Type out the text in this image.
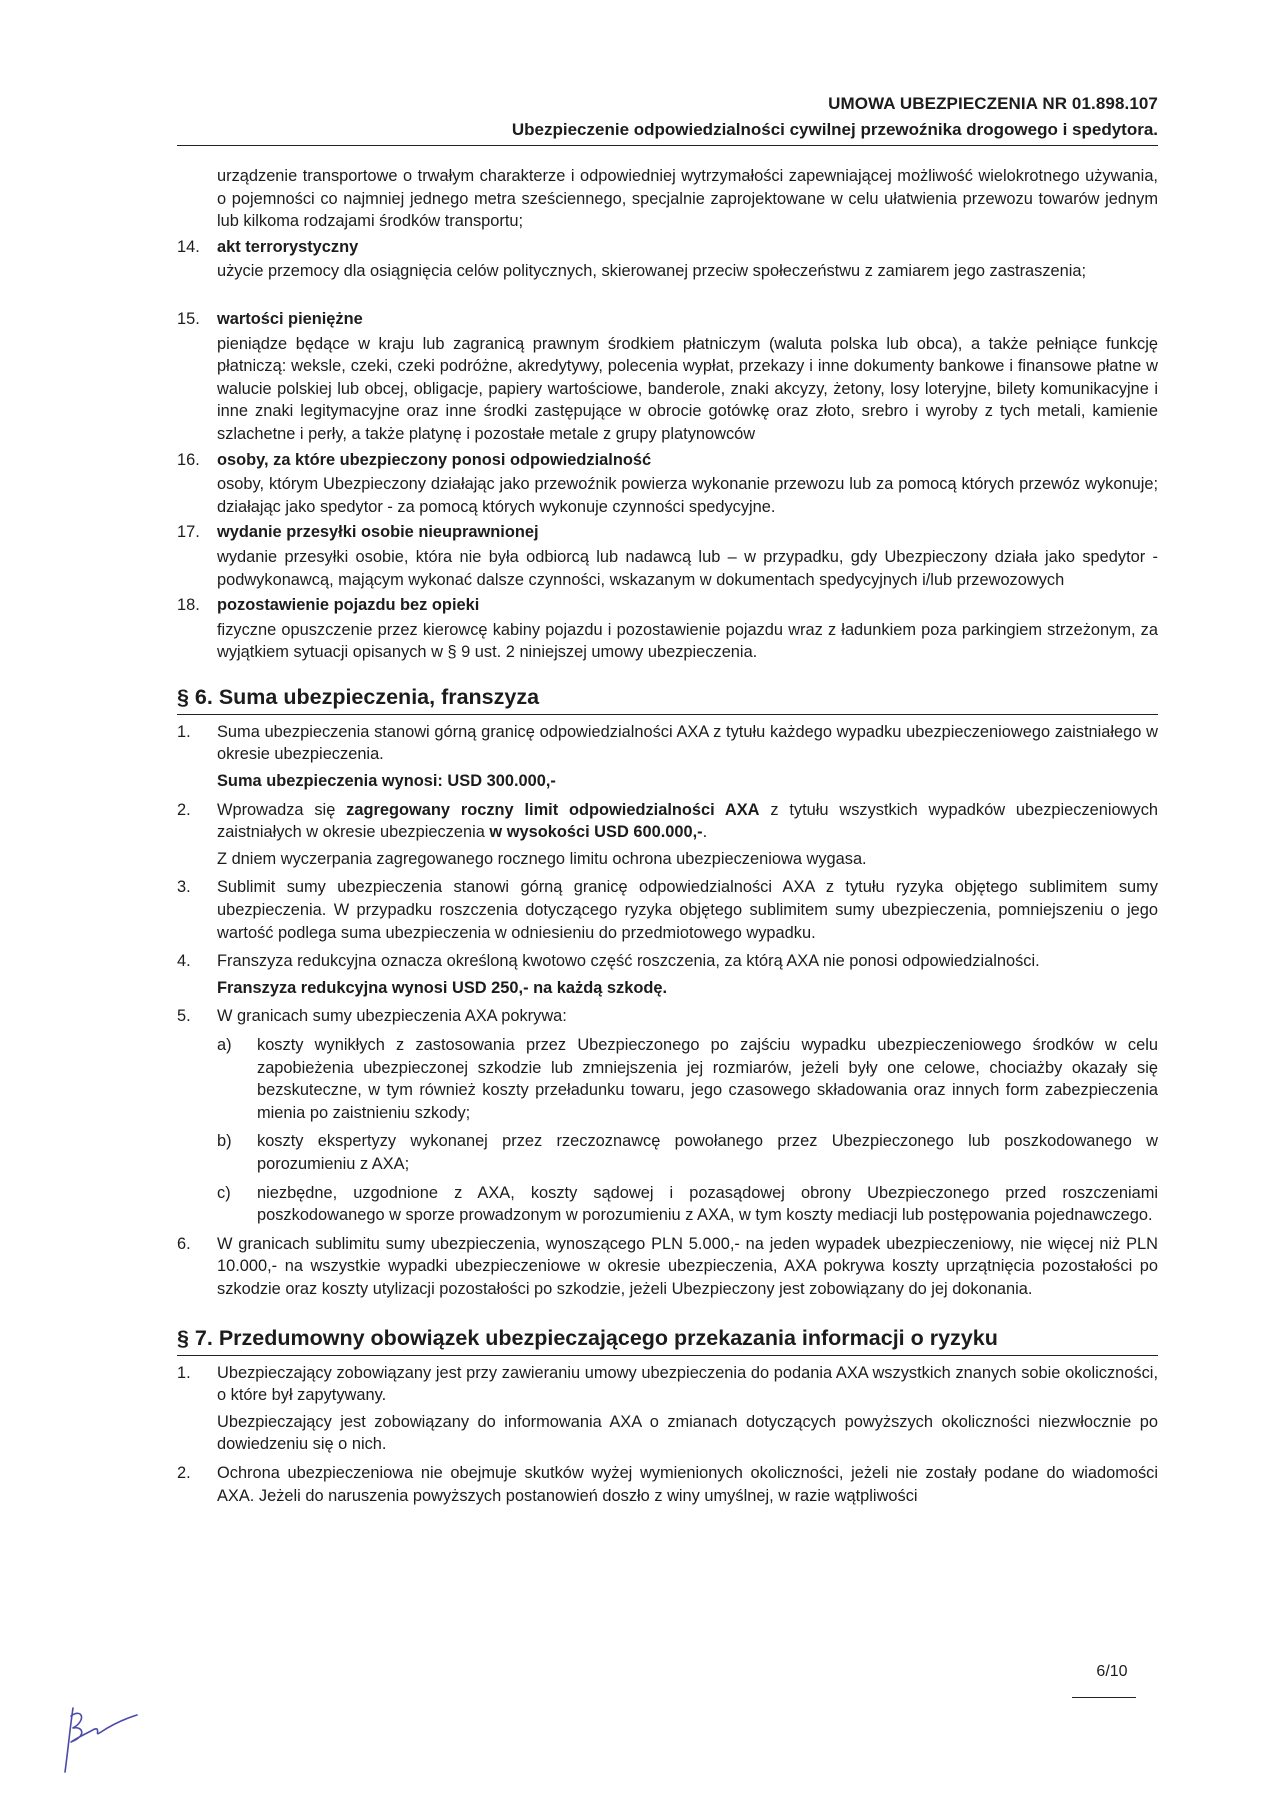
UMOWA UBEZPIECZENIA NR 01.898.107
Ubezpieczenie odpowiedzialności cywilnej przewoźnika drogowego i spedytora.

urządzenie transportowe o trwałym charakterze i odpowiedniej wytrzymałości zapewniającej możliwość wielokrotnego używania, o pojemności co najmniej jednego metra sześciennego, specjalnie zaprojektowane w celu ułatwienia przewozu towarów jednym lub kilkoma rodzajami środków transportu;

14.	akt terrorystyczny

użycie przemocy dla osiągnięcia celów politycznych, skierowanej przeciw społeczeństwu z zamiarem jego zastraszenia;

15.	wartości pieniężne

pieniądze będące w kraju lub zagranicą prawnym środkiem płatniczym (waluta polska lub obca), a także pełniące funkcję płatniczą: weksle, czeki, czeki podróżne, akredytywy, polecenia wypłat, przekazy i inne dokumenty bankowe i finansowe płatne w walucie polskiej lub obcej, obligacje, papiery wartościowe, banderole, znaki akcyzy, żetony, losy loteryjne, bilety komunikacyjne i inne znaki legitymacyjne oraz inne środki zastępujące w obrocie gotówkę oraz złoto, srebro i wyroby z tych metali, kamienie szlachetne i perły, a także platynę i pozostałe metale z grupy platynowców

16.	osoby, za które ubezpieczony ponosi odpowiedzialność

osoby, którym Ubezpieczony działając jako przewoźnik powierza wykonanie przewozu lub za pomocą których przewóz wykonuje; działając jako spedytor - za pomocą których wykonuje czynności spedycyjne.

17.	wydanie przesyłki osobie nieuprawnionej

wydanie przesyłki osobie, która nie była odbiorcą lub nadawcą lub – w przypadku, gdy Ubezpieczony działa jako spedytor - podwykonawcą, mającym wykonać dalsze czynności, wskazanym w dokumentach spedycyjnych i/lub przewozowych

18.	pozostawienie pojazdu bez opieki

fizyczne opuszczenie przez kierowcę kabiny pojazdu i pozostawienie pojazdu wraz z ładunkiem poza parkingiem strzeżonym, za wyjątkiem sytuacji opisanych w § 9 ust. 2 niniejszej umowy ubezpieczenia.

§ 6. Suma ubezpieczenia, franszyza
1.	Suma ubezpieczenia stanowi górną granicę odpowiedzialności AXA z tytułu każdego wypadku ubezpieczeniowego zaistniałego w okresie ubezpieczenia.

Suma ubezpieczenia wynosi: USD 300.000,-

2.	Wprowadza się zagregowany roczny limit odpowiedzialności AXA z tytułu wszystkich wypadków ubezpieczeniowych zaistniałych w okresie ubezpieczenia w wysokości USD 600.000,-.

Z dniem wyczerpania zagregowanego rocznego limitu ochrona ubezpieczeniowa wygasa.

3.	Sublimit sumy ubezpieczenia stanowi górną granicę odpowiedzialności AXA z tytułu ryzyka objętego sublimitem sumy ubezpieczenia. W przypadku roszczenia dotyczącego ryzyka objętego sublimitem sumy ubezpieczenia, pomniejszeniu o jego wartość podlega suma ubezpieczenia w odniesieniu do przedmiotowego wypadku.

4.	Franszyza redukcyjna oznacza określoną kwotowo część roszczenia, za którą AXA nie ponosi odpowiedzialności.

Franszyza redukcyjna wynosi USD 250,- na każdą szkodę.

5.	W granicach sumy ubezpieczenia AXA pokrywa:

a)	koszty wynikłych z zastosowania przez Ubezpieczonego po zajściu wypadku ubezpieczeniowego środków w celu zapobieżenia ubezpieczonej szkodzie lub zmniejszenia jej rozmiarów, jeżeli były one celowe, chociażby okazały się bezskuteczne, w tym również koszty przeładunku towaru, jego czasowego składowania oraz innych form zabezpieczenia mienia po zaistnieniu szkody;
b)	koszty ekspertyzy wykonanej przez rzeczoznawcę powołanego przez Ubezpieczonego lub poszkodowanego w porozumieniu z AXA;
c)	niezbędne, uzgodnione z AXA, koszty sądowej i pozasądowej obrony Ubezpieczonego przed roszczeniami poszkodowanego w sporze prowadzonym w porozumieniu z AXA, w tym koszty mediacji lub postępowania pojednawczego.
6.	W granicach sublimitu sumy ubezpieczenia, wynoszącego PLN 5.000,- na jeden wypadek ubezpieczeniowy, nie więcej niż PLN 10.000,- na wszystkie wypadki ubezpieczeniowe w okresie ubezpieczenia, AXA pokrywa koszty uprzątnięcia pozostałości po szkodzie oraz koszty utylizacji pozostałości po szkodzie, jeżeli Ubezpieczony jest zobowiązany do jej dokonania.

§ 7. Przedumowny obowiązek ubezpieczającego przekazania informacji o ryzyku
1.	Ubezpieczający zobowiązany jest przy zawieraniu umowy ubezpieczenia do podania AXA wszystkich znanych sobie okoliczności, o które był zapytywany.

Ubezpieczający jest zobowiązany do informowania AXA o zmianach dotyczących powyższych okoliczności niezwłocznie po dowiedzeniu się o nich.

2.	Ochrona ubezpieczeniowa nie obejmuje skutków wyżej wymienionych okoliczności, jeżeli nie zostały podane do wiadomości AXA. Jeżeli do naruszenia powyższych postanowień doszło z winy umyślnej, w razie wątpliwości

6/10
